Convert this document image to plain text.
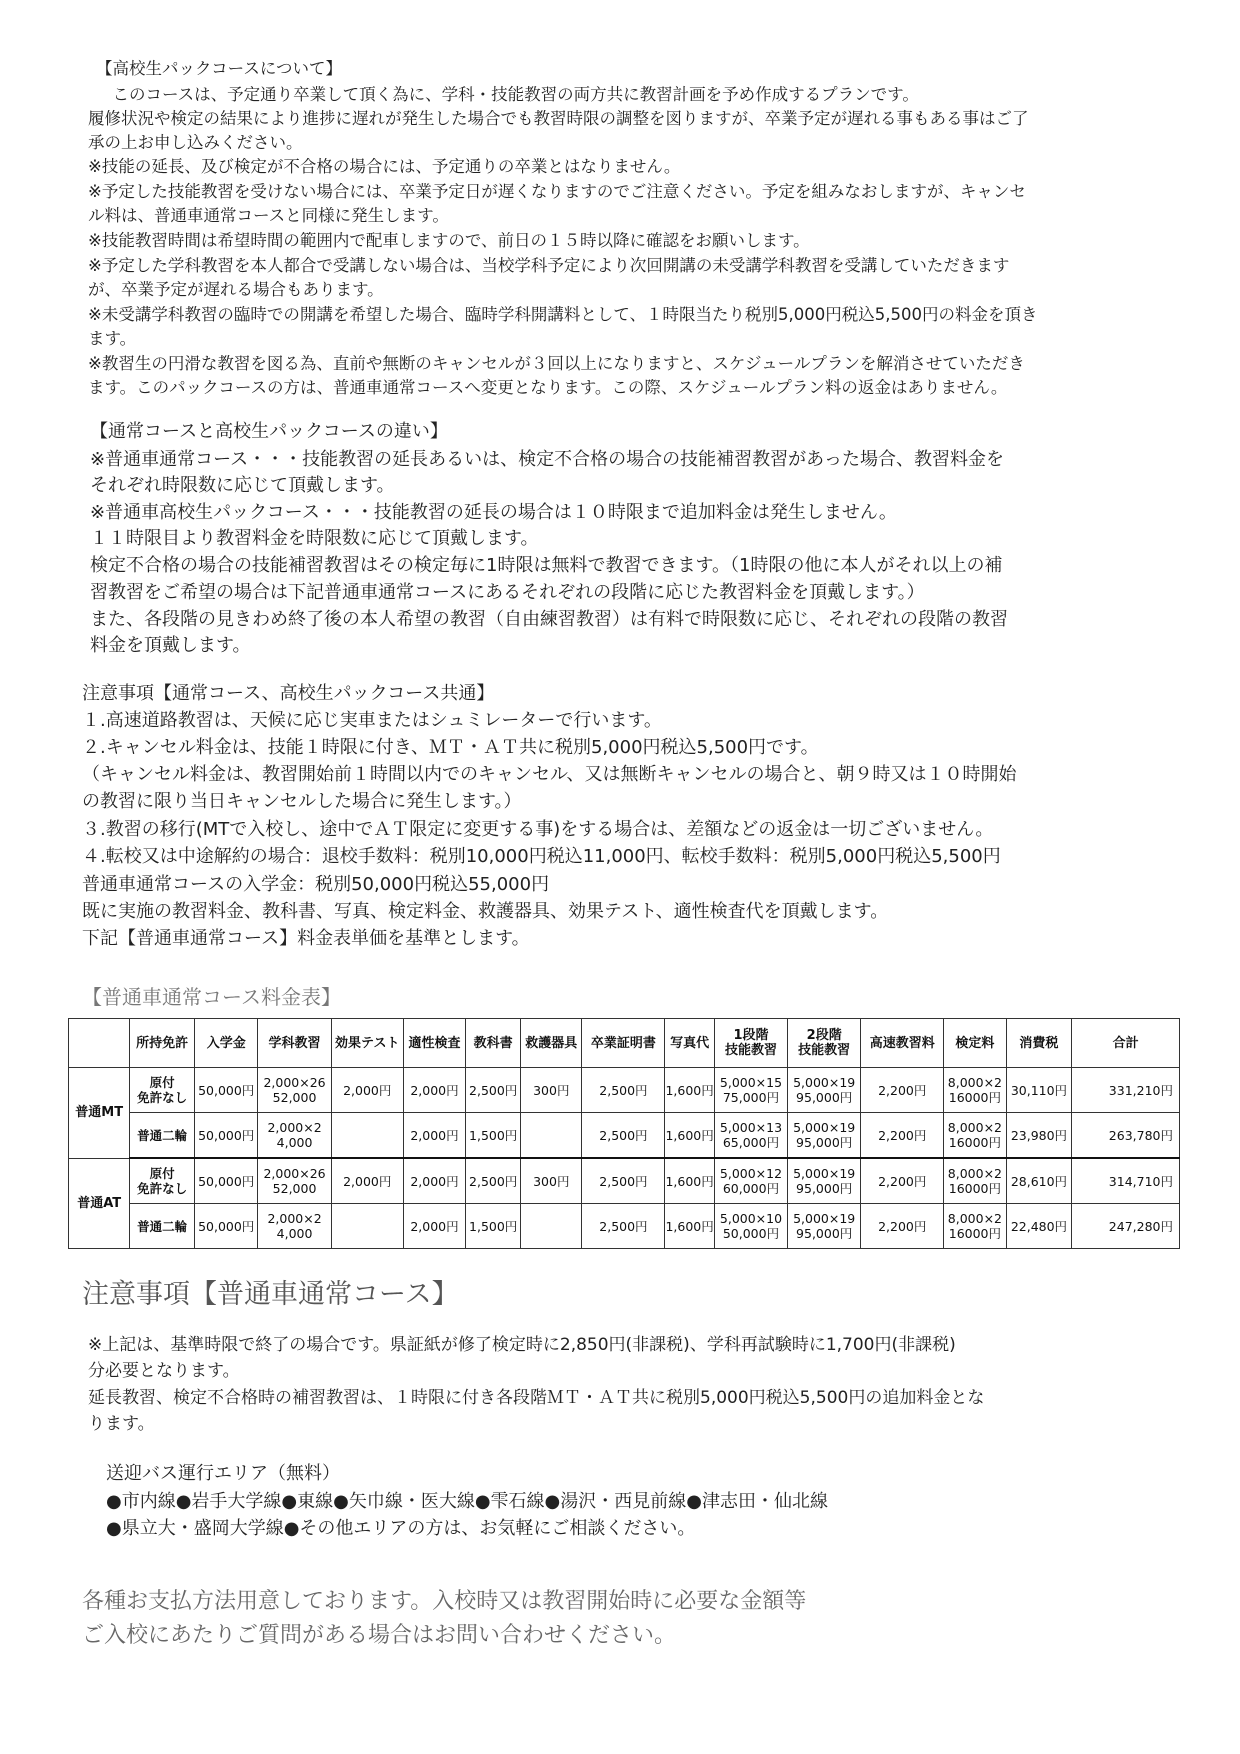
【高校生パックコースについて】
　このコースは、予定通り卒業して頂く為に、学科・技能教習の両方共に教習計画を予め作成するプランです。
履修状況や検定の結果により進捗に遅れが発生した場合でも教習時限の調整を図りますが、卒業予定が遅れる事もある事はご了
承の上お申し込みください。
※技能の延長、及び検定が不合格の場合には、予定通りの卒業とはなりません。
※予定した技能教習を受けない場合には、卒業予定日が遅くなりますのでご注意ください。予定を組みなおしますが、キャンセ
ル料は、普通車通常コースと同様に発生します。
※技能教習時間は希望時間の範囲内で配車しますので、前日の１５時以降に確認をお願いします。
※予定した学科教習を本人都合で受講しない場合は、当校学科予定により次回開講の未受講学科教習を受講していただきます
が、卒業予定が遅れる場合もあります。
※未受講学科教習の臨時での開講を希望した場合、臨時学科開講料として、１時限当たり税別5,000円税込5,500円の料金を頂き
ます。
※教習生の円滑な教習を図る為、直前や無断のキャンセルが３回以上になりますと、スケジュールプランを解消させていただき
ます。このパックコースの方は、普通車通常コースへ変更となります。この際、スケジュールプラン料の返金はありません。
【通常コースと高校生パックコースの違い】
※普通車通常コース・・・技能教習の延長あるいは、検定不合格の場合の技能補習教習があった場合、教習料金を
それぞれ時限数に応じて頂戴します。
※普通車高校生パックコース・・・技能教習の延長の場合は１０時限まで追加料金は発生しません。
１１時限目より教習料金を時限数に応じて頂戴します。
検定不合格の場合の技能補習教習はその検定毎に1時限は無料で教習できます。（1時限の他に本人がそれ以上の補
習教習をご希望の場合は下記普通車通常コースにあるそれぞれの段階に応じた教習料金を頂戴します。）
また、各段階の見きわめ終了後の本人希望の教習（自由練習教習）は有料で時限数に応じ、それぞれの段階の教習
料金を頂戴します。
注意事項【通常コース、高校生パックコース共通】
１.高速道路教習は、天候に応じ実車またはシュミレーターで行います。
２.キャンセル料金は、技能１時限に付き、ＭＴ・ＡＴ共に税別5,000円税込5,500円です。
（キャンセル料金は、教習開始前１時間以内でのキャンセル、又は無断キャンセルの場合と、朝９時又は１０時開始
の教習に限り当日キャンセルした場合に発生します。）
３.教習の移行(MTで入校し、途中でＡＴ限定に変更する事)をする場合は、差額などの返金は一切ございません。
４.転校又は中途解約の場合：退校手数料：税別10,000円税込11,000円、転校手数料：税別5,000円税込5,500円
普通車通常コースの入学金：税別50,000円税込55,000円
既に実施の教習料金、教科書、写真、検定料金、救護器具、効果テスト、適性検査代を頂戴します。
下記【普通車通常コース】料金表単価を基準とします。
【普通車通常コース料金表】
	所持免許	入学金	学科教習	効果テスト	適性検査	教科書	救護器具	卒業証明書	写真代	1段階
技能教習	2段階
技能教習	高速教習料	検定料	消費税	合計
普通MT	原付
免許なし	50,000円	2,000×26
52,000	2,000円	2,000円	2,500円	300円	2,500円	1,600円	5,000×15
75,000円	5,000×19
95,000円	2,200円	8,000×2
16000円	30,110円	331,210円
	普通二輪	50,000円	2,000×2
4,000		2,000円	1,500円		2,500円	1,600円	5,000×13
65,000円	5,000×19
95,000円	2,200円	8,000×2
16000円	23,980円	263,780円
普通AT	原付
免許なし	50,000円	2,000×26
52,000	2,000円	2,000円	2,500円	300円	2,500円	1,600円	5,000×12
60,000円	5,000×19
95,000円	2,200円	8,000×2
16000円	28,610円	314,710円
	普通二輪	50,000円	2,000×2
4,000		2,000円	1,500円		2,500円	1,600円	5,000×10
50,000円	5,000×19
95,000円	2,200円	8,000×2
16000円	22,480円	247,280円
注意事項【普通車通常コース】
※上記は、基準時限で終了の場合です。県証紙が修了検定時に2,850円(非課税)、学科再試験時に1,700円(非課税)
分必要となります。
延長教習、検定不合格時の補習教習は、１時限に付き各段階ＭＴ・ＡＴ共に税別5,000円税込5,500円の追加料金とな
ります。
送迎バス運行エリア（無料）
●市内線●岩手大学線●東線●矢巾線・医大線●雫石線●湯沢・西見前線●津志田・仙北線
●県立大・盛岡大学線●その他エリアの方は、お気軽にご相談ください。
各種お支払方法用意しております。入校時又は教習開始時に必要な金額等
ご入校にあたりご質問がある場合はお問い合わせください。
